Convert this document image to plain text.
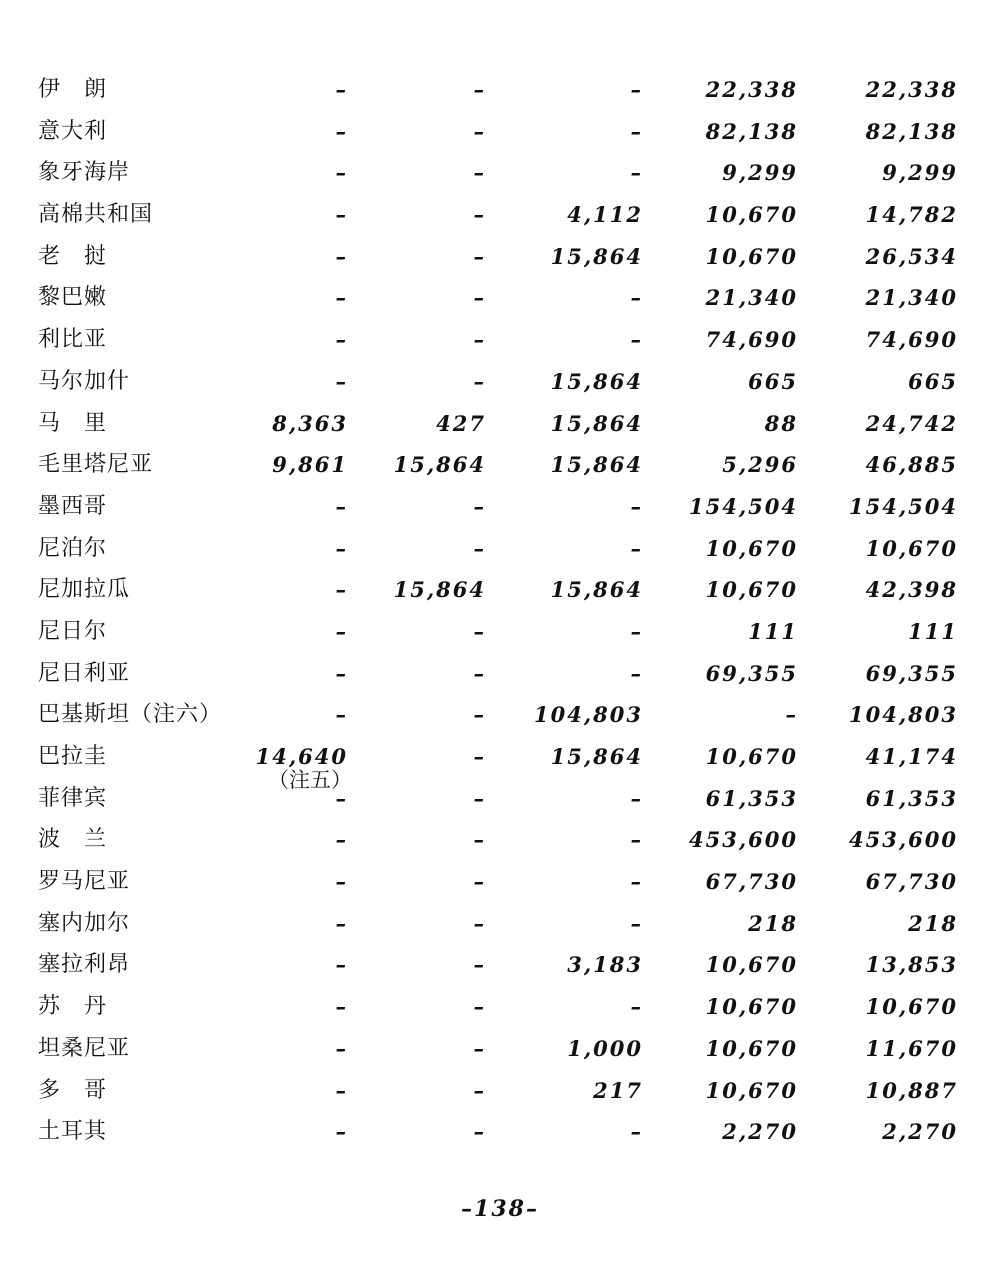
伊　朗	–	–	–	22,338	22,338
意大利	–	–	–	82,138	82,138
象牙海岸	–	–	–	9,299	9,299
高棉共和国	–	–	4,112	10,670	14,782
老　挝	–	–	15,864	10,670	26,534
黎巴嫩	–	–	–	21,340	21,340
利比亚	–	–	–	74,690	74,690
马尔加什	–	–	15,864	665	665
马　里	8,363	427	15,864	88	24,742
毛里塔尼亚	9,861	15,864	15,864	5,296	46,885
墨西哥	–	–	–	154,504	154,504
尼泊尔	–	–	–	10,670	10,670
尼加拉瓜	–	15,864	15,864	10,670	42,398
尼日尔	–	–	–	111	111
尼日利亚	–	–	–	69,355	69,355
巴基斯坦（注六）	–	–	104,803	–	104,803
巴拉圭	14,640	–	15,864	10,670	41,174
（注五）
菲律宾	–	–	–	61,353	61,353
波　兰	–	–	–	453,600	453,600
罗马尼亚	–	–	–	67,730	67,730
塞内加尔	–	–	–	218	218
塞拉利昂	–	–	3,183	10,670	13,853
苏　丹	–	–	–	10,670	10,670
坦桑尼亚	–	–	1,000	10,670	11,670
多　哥	–	–	217	10,670	10,887
土耳其	–	–	–	2,270	2,270
–138–
